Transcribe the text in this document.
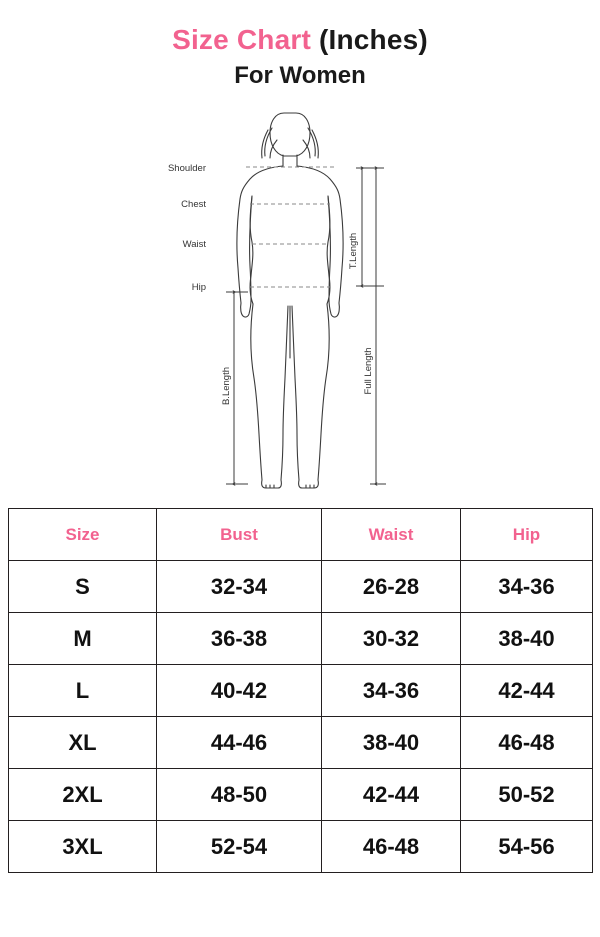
Size Chart (Inches)
For Women
Shoulder
Chest
Waist
Hip
T.Length
Full Length
B.Length
Size	Bust	Waist	Hip
S	32-34	26-28	34-36
M	36-38	30-32	38-40
L	40-42	34-36	42-44
XL	44-46	38-40	46-48
2XL	48-50	42-44	50-52
3XL	52-54	46-48	54-56
